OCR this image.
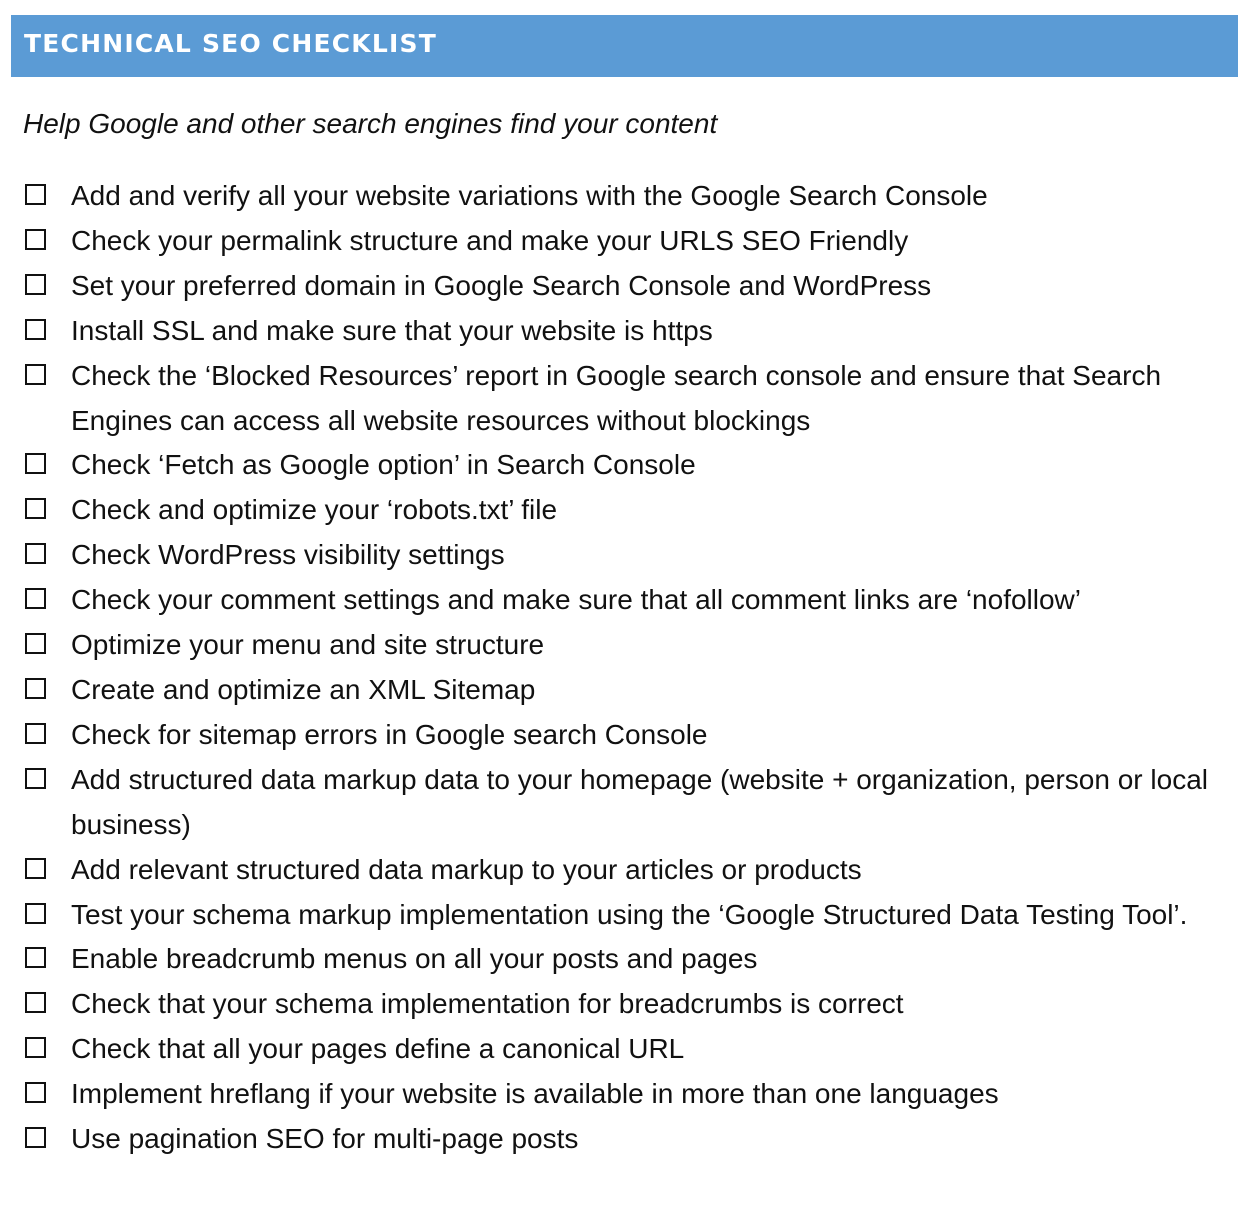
TECHNICAL SEO CHECKLIST
Help Google and other search engines find your content
Add and verify all your website variations with the Google Search Console
Check your permalink structure and make your URLS SEO Friendly
Set your preferred domain in Google Search Console and WordPress
Install SSL and make sure that your website is https
Check the ‘Blocked Resources’ report in Google search console and ensure that Search Engines can access all website resources without blockings
Check ‘Fetch as Google option’ in Search Console
Check and optimize your ‘robots.txt’ file
Check WordPress visibility settings
Check your comment settings and make sure that all comment links are ‘nofollow’
Optimize your menu and site structure
Create and optimize an XML Sitemap
Check for sitemap errors in Google search Console
Add structured data markup data to your homepage (website + organization, person or local business)
Add relevant structured data markup to your articles or products
Test your schema markup implementation using the ‘Google Structured Data Testing Tool’.
Enable breadcrumb menus on all your posts and pages
Check that your schema implementation for breadcrumbs is correct
Check that all your pages define a canonical URL
Implement hreflang if your website is available in more than one languages
Use pagination SEO for multi-page posts
